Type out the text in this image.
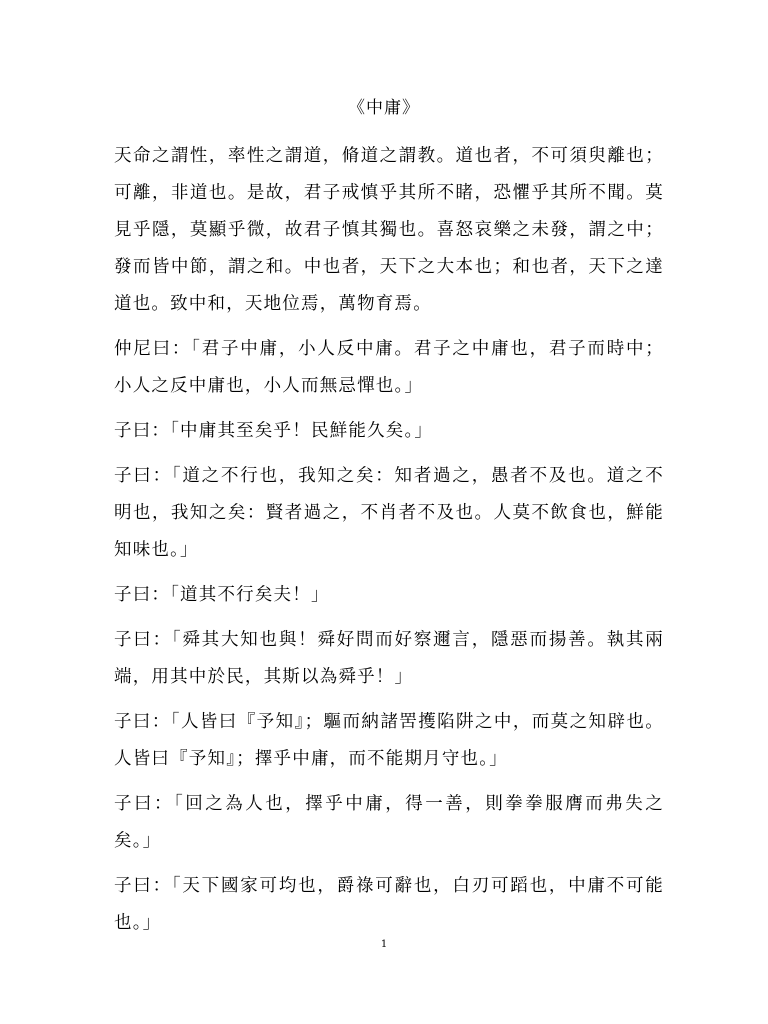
《中庸》

天命之謂性，率性之謂道，脩道之謂教。道也者，不可須臾離也；可離，非道也。是故，君子戒慎乎其所不睹，恐懼乎其所不聞。莫見乎隱，莫顯乎微，故君子慎其獨也。喜怒哀樂之未發，謂之中；發而皆中節，謂之和。中也者，天下之大本也；和也者，天下之達道也。致中和，天地位焉，萬物育焉。

仲尼曰：「君子中庸，小人反中庸。君子之中庸也，君子而時中；小人之反中庸也，小人而無忌憚也。」

子曰：「中庸其至矣乎！民鮮能久矣。」

子曰：「道之不行也，我知之矣：知者過之，愚者不及也。道之不明也，我知之矣：賢者過之，不肖者不及也。人莫不飲食也，鮮能知味也。」

子曰：「道其不行矣夫！」

子曰：「舜其大知也與！舜好問而好察邇言，隱惡而揚善。執其兩端，用其中於民，其斯以為舜乎！」

子曰：「人皆曰『予知』；驅而納諸罟擭陷阱之中，而莫之知辟也。人皆曰『予知』；擇乎中庸，而不能期月守也。」

子曰：「回之為人也，擇乎中庸，得一善，則拳拳服膺而弗失之矣。」

子曰：「天下國家可均也，爵祿可辭也，白刃可蹈也，中庸不可能也。」

1
